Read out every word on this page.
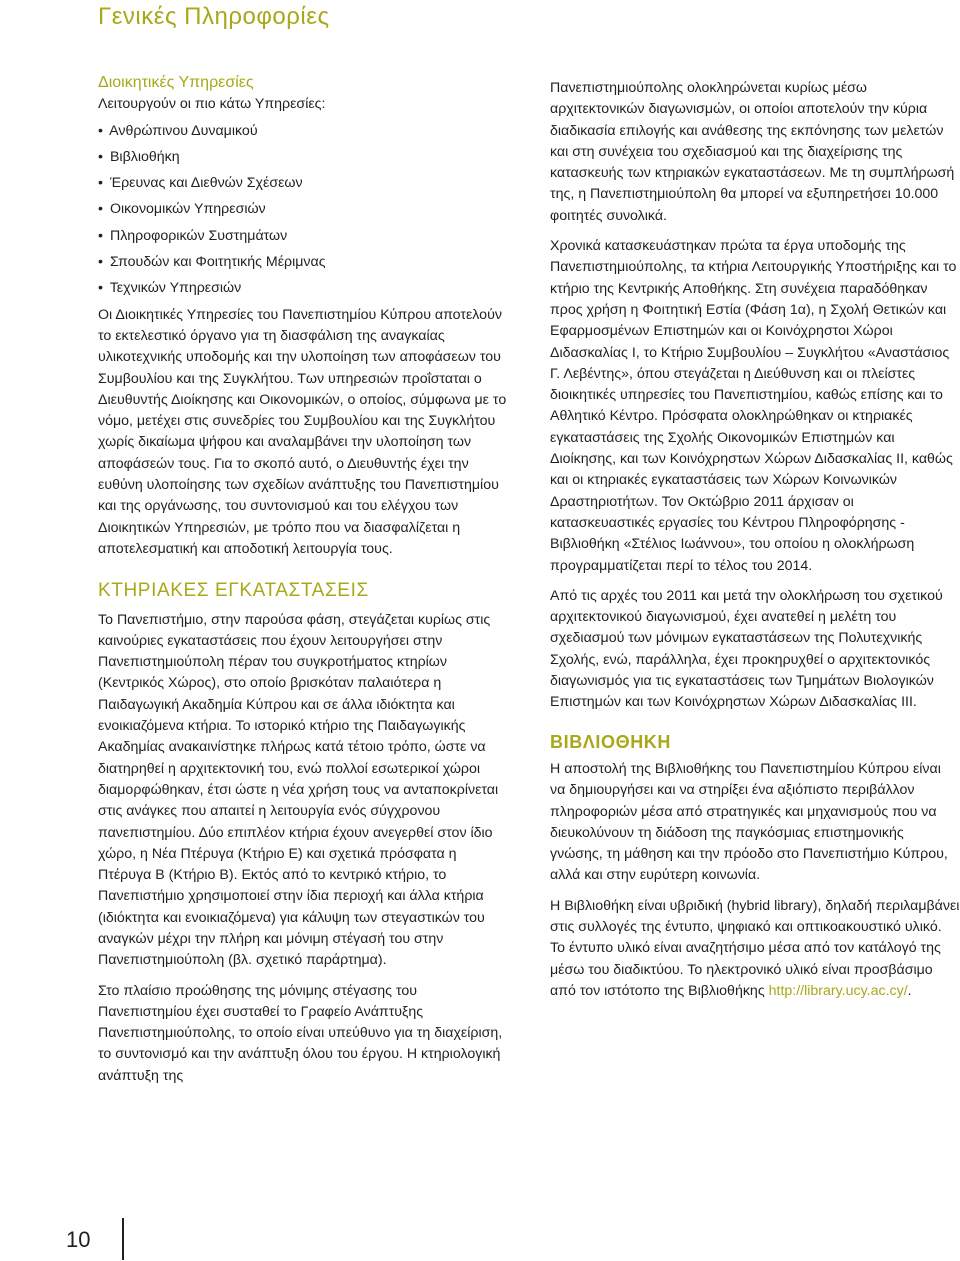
Γενικές Πληροφορίες
Διοικητικές Υπηρεσίες
Λειτουργούν οι πιο κάτω Υπηρεσίες:
• Ανθρώπινου Δυναμικού
• Βιβλιοθήκη
• Έρευνας και Διεθνών Σχέσεων
• Οικονομικών Υπηρεσιών
• Πληροφορικών Συστημάτων
• Σπουδών και Φοιτητικής Μέριμνας
• Τεχνικών Υπηρεσιών

Οι Διοικητικές Υπηρεσίες του Πανεπιστημίου Κύπρου αποτελούν το εκτελεστικό όργανο για τη διασφάλιση της αναγκαίας υλικοτεχνικής υποδομής και την υλοποίηση των αποφάσεων του Συμβουλίου και της Συγκλήτου. Των υπηρεσιών προΐσταται ο Διευθυντής Διοίκησης και Οικονομικών, ο οποίος, σύμφωνα με το νόμο, μετέχει στις συνεδρίες του Συμβουλίου και της Συγκλήτου χωρίς δικαίωμα ψήφου και αναλαμβάνει την υλοποίηση των αποφάσεών τους. Για το σκοπό αυτό, ο Διευθυντής έχει την ευθύνη υλοποίησης των σχεδίων ανάπτυξης του Πανεπιστημίου και της οργάνωσης, του συντονισμού και του ελέγχου των Διοικητικών Υπηρεσιών, με τρόπο που να διασφαλίζεται η αποτελεσματική και αποδοτική λειτουργία τους.

ΚΤΗΡΙΑΚΕΣ ΕΓΚΑΤΑΣΤΑΣΕΙΣ

Το Πανεπιστήμιο, στην παρούσα φάση, στεγάζεται κυρίως στις καινούριες εγκαταστάσεις που έχουν λειτουργήσει στην Πανεπιστημιούπολη πέραν του συγκροτήματος κτηρίων (Κεντρικός Χώρος), στο οποίο βρισκόταν παλαιότερα η Παιδαγωγική Ακαδημία Κύπρου και σε άλλα ιδιόκτητα και ενοικιαζόμενα κτήρια. Το ιστορικό κτήριο της Παιδαγωγικής Ακαδημίας ανακαινίστηκε πλήρως κατά τέτοιο τρόπο, ώστε να διατηρηθεί η αρχιτεκτονική του, ενώ πολλοί εσωτερικοί χώροι διαμορφώθηκαν, έτσι ώστε η νέα χρήση τους να ανταποκρίνεται στις ανάγκες που απαιτεί η λειτουργία ενός σύγχρονου πανεπιστημίου. Δύο επιπλέον κτήρια έχουν ανεγερθεί στον ίδιο χώρο, η Νέα Πτέρυγα (Κτήριο Ε) και σχετικά πρόσφατα η Πτέρυγα Β (Κτήριο Β). Εκτός από το κεντρικό κτήριο, το Πανεπιστήμιο χρησιμοποιεί στην ίδια περιοχή και άλλα κτήρια (ιδιόκτητα και ενοικιαζόμενα) για κάλυψη των στεγαστικών του αναγκών μέχρι την πλήρη και μόνιμη στέγασή του στην Πανεπιστημιούπολη (βλ. σχετικό παράρτημα).

Στο πλαίσιο προώθησης της μόνιμης στέγασης του Πανεπιστημίου έχει συσταθεί το Γραφείο Ανάπτυξης Πανεπιστημιούπολης, το οποίο είναι υπεύθυνο για τη διαχείριση, το συντονισμό και την ανάπτυξη όλου του έργου. Η κτηριολογική ανάπτυξη της

Πανεπιστημιούπολης ολοκληρώνεται κυρίως μέσω αρχιτεκτονικών διαγωνισμών, οι οποίοι αποτελούν την κύρια διαδικασία επιλογής και ανάθεσης της εκπόνησης των μελετών και στη συνέχεια του σχεδιασμού και της διαχείρισης της κατασκευής των κτηριακών εγκαταστάσεων. Με τη συμπλήρωσή της, η Πανεπιστημιούπολη θα μπορεί να εξυπηρετήσει 10.000 φοιτητές συνολικά.

Χρονικά κατασκευάστηκαν πρώτα τα έργα υποδομής της Πανεπιστημιούπολης, τα κτήρια Λειτουργικής Υποστήριξης και το κτήριο της Κεντρικής Αποθήκης. Στη συνέχεια παραδόθηκαν προς χρήση η Φοιτητική Εστία (Φάση 1α), η Σχολή Θετικών και Εφαρμοσμένων Επιστημών και οι Κοινόχρηστοι Χώροι Διδασκαλίας Ι, το Κτήριο Συμβουλίου – Συγκλήτου «Αναστάσιος Γ. Λεβέντης», όπου στεγάζεται η Διεύθυνση και οι πλείστες διοικητικές υπηρεσίες του Πανεπιστημίου, καθώς επίσης και το Αθλητικό Κέντρο. Πρόσφατα ολοκληρώθηκαν οι κτηριακές εγκαταστάσεις της Σχολής Οικονομικών Επιστημών και Διοίκησης, και των Κοινόχρηστων Χώρων Διδασκαλίας ΙΙ, καθώς και οι κτηριακές εγκαταστάσεις των Χώρων Κοινωνικών Δραστηριοτήτων. Τον Οκτώβριο 2011 άρχισαν οι κατασκευαστικές εργασίες του Κέντρου Πληροφόρησης - Βιβλιοθήκη «Στέλιος Ιωάννου», του οποίου η ολοκλήρωση προγραμματίζεται περί το τέλος του 2014.

Από τις αρχές του 2011 και μετά την ολοκλήρωση του σχετικού αρχιτεκτονικού διαγωνισμού, έχει ανατεθεί η μελέτη του σχεδιασμού των μόνιμων εγκαταστάσεων της Πολυτεχνικής Σχολής, ενώ, παράλληλα, έχει προκηρυχθεί ο αρχιτεκτονικός διαγωνισμός για τις εγκαταστάσεις των Τμημάτων Βιολογικών Επιστημών και των Κοινόχρηστων Χώρων Διδασκαλίας ΙΙΙ.

ΒΙΒΛΙΟΘΗΚΗ

Η αποστολή της Βιβλιοθήκης του Πανεπιστημίου Κύπρου είναι να δημιουργήσει και να στηρίξει ένα αξιόπιστο περιβάλλον πληροφοριών μέσα από στρατηγικές και μηχανισμούς που να διευκολύνουν τη διάδοση της παγκόσμιας επιστημονικής γνώσης, τη μάθηση και την πρόοδο στο Πανεπιστήμιο Κύπρου, αλλά και στην ευρύτερη κοινωνία.

Η Βιβλιοθήκη είναι υβριδική (hybrid library), δηλαδή περιλαμβάνει στις συλλογές της έντυπο, ψηφιακό και οπτικοακουστικό υλικό. Το έντυπο υλικό είναι αναζητήσιμο μέσα από τον κατάλογό της μέσω του διαδικτύου. Το ηλεκτρονικό υλικό είναι προσβάσιμο από τον ιστότοπο της Βιβλιοθήκης http://library.ucy.ac.cy/.

10
